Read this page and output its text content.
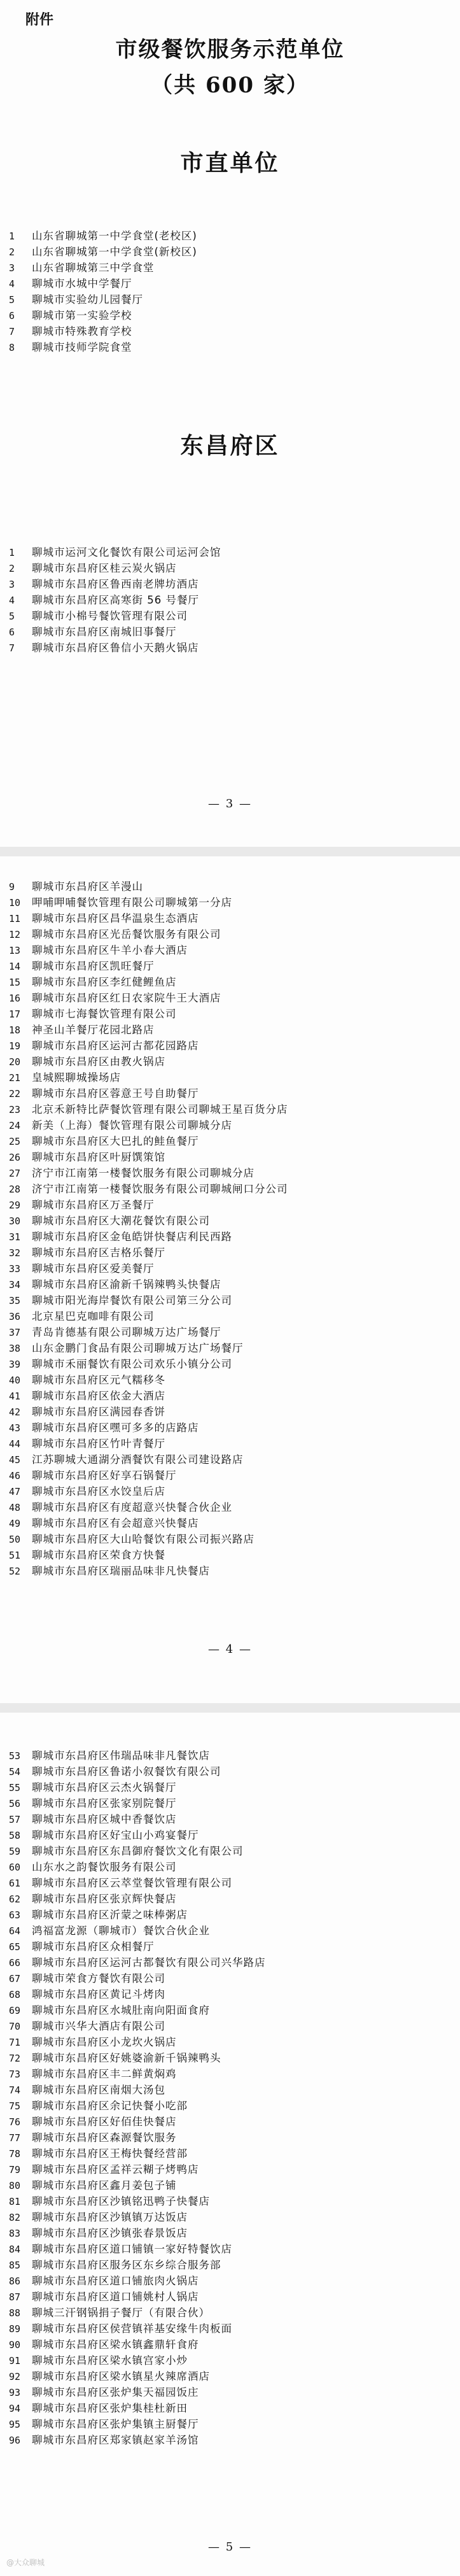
附件
市级餐饮服务示范单位
（共 600 家）
市直单位
1 山东省聊城第一中学食堂(老校区)
2 山东省聊城第一中学食堂(新校区)
3 山东省聊城第三中学食堂
4 聊城市水城中学餐厅
5 聊城市实验幼儿园餐厅
6 聊城市第一实验学校
7 聊城市特殊教育学校
8 聊城市技师学院食堂
东昌府区
1 聊城市运河文化餐饮有限公司运河会馆
2 聊城市东昌府区桂云炭火锅店
3 聊城市东昌府区鲁西南老牌坊酒店
4 聊城市东昌府区高寒街 56 号餐厅
5 聊城市小棉号餐饮管理有限公司
6 聊城市东昌府区南城旧事餐厅
7 聊城市东昌府区鲁信小天鹅火锅店
— 3 —
9 聊城市东昌府区羊漫山
10 呷哺呷哺餐饮管理有限公司聊城第一分店
11 聊城市东昌府区昌华温泉生态酒店
12 聊城市东昌府区光岳餐饮服务有限公司
13 聊城市东昌府区牛羊小春大酒店
14 聊城市东昌府区凯旺餐厅
15 聊城市东昌府区李红健鲤鱼店
16 聊城市东昌府区红日农家院牛王大酒店
17 聊城市七海餐饮管理有限公司
18 神圣山羊餐厅花园北路店
19 聊城市东昌府区运河古都花园路店
20 聊城市东昌府区由教火锅店
21 皇城熙聊城操场店
22 聊城市东昌府区蓉意王号自助餐厅
23 北京禾新特比萨餐饮管理有限公司聊城王星百货分店
24 新美（上海）餐饮管理有限公司聊城分店
25 聊城市东昌府区大巴扎的鲑鱼餐厅
26 聊城市东昌府区叶厨馔策馆
27 济宁市江南第一楼餐饮服务有限公司聊城分店
28 济宁市江南第一楼餐饮服务有限公司聊城闸口分公司
29 聊城市东昌府区万圣餐厅
30 聊城市东昌府区大潮花餐饮有限公司
31 聊城市东昌府区金龟皓饼快餐店利民西路
32 聊城市东昌府区吉格乐餐厅
33 聊城市东昌府区爱美餐厅
34 聊城市东昌府区渝新千锅辣鸭头快餐店
35 聊城市阳光海岸餐饮有限公司第三分公司
36 北京星巴克咖啡有限公司
37 青岛肯德基有限公司聊城万达广场餐厅
38 山东金鹏门食品有限公司聊城万达广场餐厅
39 聊城市禾丽餐饮有限公司欢乐小镇分公司
40 聊城市东昌府区元气糯移冬
41 聊城市东昌府区依金大酒店
42 聊城市东昌府区满园春香饼
43 聊城市东昌府区嘿可多多的店路店
44 聊城市东昌府区竹叶青餐厅
45 江苏聊城大通湖分酒餐饮有限公司建设路店
46 聊城市东昌府区好享石锅餐厅
47 聊城市东昌府区水饺皇后店
48 聊城市东昌府区有度超意兴快餐合伙企业
49 聊城市东昌府区有会超意兴快餐店
50 聊城市东昌府区大山哈餐饮有限公司振兴路店
51 聊城市东昌府区荣食方快餐
52 聊城市东昌府区瑞丽品味非凡快餐店
— 4 —
53 聊城市东昌府区伟瑞品味非凡餐饮店
54 聊城市东昌府区鲁诺小叙餐饮有限公司
55 聊城市东昌府区云杰火锅餐厅
56 聊城市东昌府区张家别院餐厅
57 聊城市东昌府区城中香餐饮店
58 聊城市东昌府区好宝山小鸡宴餐厅
59 聊城市东昌府区东昌御府餐饮文化有限公司
60 山东水之韵餐饮服务有限公司
61 聊城市东昌府区云萃堂餐饮管理有限公司
62 聊城市东昌府区张京辉快餐店
63 聊城市东昌府区沂蒙之味棒粥店
64 鸿福富龙源（聊城市）餐饮合伙企业
65 聊城市东昌府区众相餐厅
66 聊城市东昌府区运河古都餐饮有限公司兴华路店
67 聊城市荣食方餐饮有限公司
68 聊城市东昌府区黄记斗烤肉
69 聊城市东昌府区水城肚南向阳面食府
70 聊城市兴华大酒店有限公司
71 聊城市东昌府区小龙坎火锅店
72 聊城市东昌府区好姚婆渝新千锅辣鸭头
73 聊城市东昌府区丰二鲜黄焖鸡
74 聊城市东昌府区南烟大汤包
75 聊城市东昌府区余记快餐小吃部
76 聊城市东昌府区好佰佳快餐店
77 聊城市东昌府区森源餐饮服务
78 聊城市东昌府区王梅快餐经营部
79 聊城市东昌府区孟祥云糊子烤鸭店
80 聊城市东昌府区鑫月姜包子铺
81 聊城市东昌府区沙镇铭迅鸭子快餐店
82 聊城市东昌府区沙镇镇万达饭店
83 聊城市东昌府区沙镇张春景饭店
84 聊城市东昌府区道口铺镇一家好特餐饮店
85 聊城市东昌府区服务区东乡综合服务部
86 聊城市东昌府区道口铺旅肉火锅店
87 聊城市东昌府区道口铺姚村人锅店
88 聊城三汗钢锅捐子餐厅（有限合伙）
89 聊城市东昌府区侯营镇祥基安缘牛肉板面
90 聊城市东昌府区梁水镇鑫鼎轩食府
91 聊城市东昌府区梁水镇宫家小炒
92 聊城市东昌府区梁水镇星火辣席酒店
93 聊城市东昌府区张炉集天福园饭庄
94 聊城市东昌府区张炉集桂杜新田
95 聊城市东昌府区张炉集镇主厨餐厅
96 聊城市东昌府区郑家镇赵家羊汤馆
— 5 —
@大众聊城
